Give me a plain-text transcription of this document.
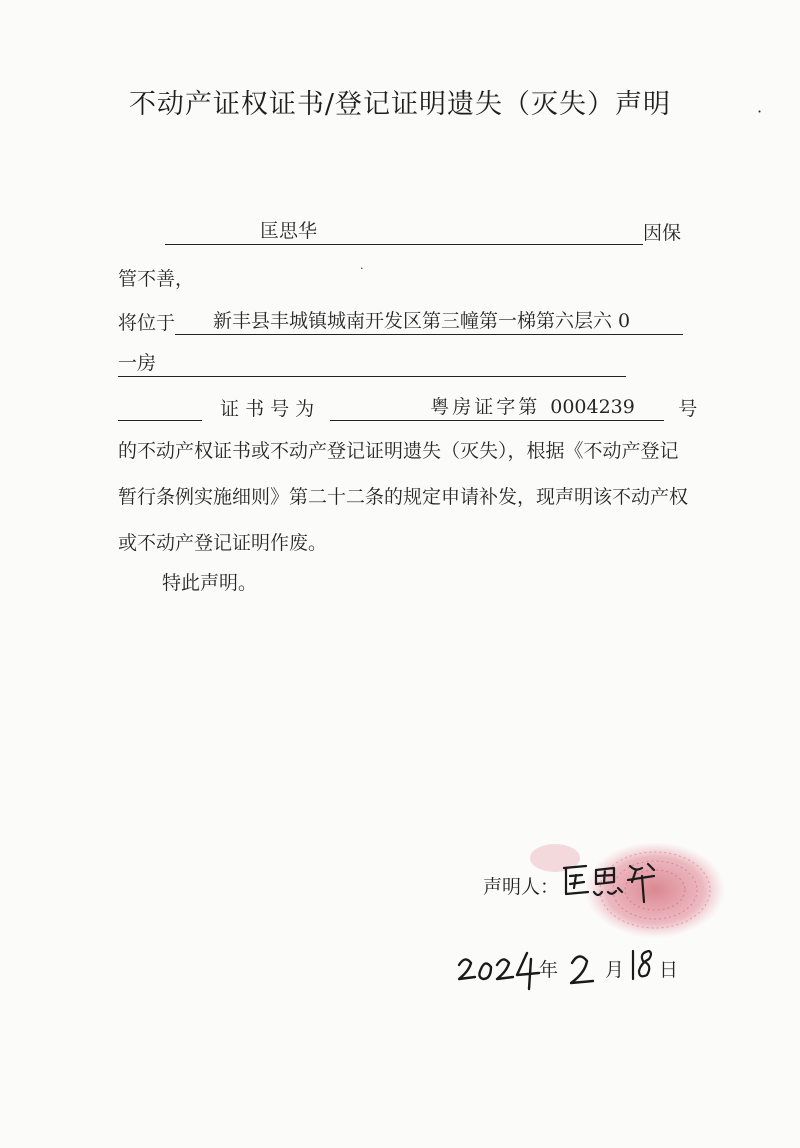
不动产证权证书/登记证明遗失（灭失）声明
匡思华	因保
管不善，
将位于 新丰县丰城镇城南开发区第三幢第一梯第六层六 0
一房
证 书 号 为	粤房证字第 0004239 号
的不动产权证书或不动产登记证明遗失（灭失），根据《不动产登记暂行条例实施细则》第二十二条的规定申请补发，现声明该不动产权或不动产登记证明作废。
特此声明。
·
·
声明人：
年 月 日
